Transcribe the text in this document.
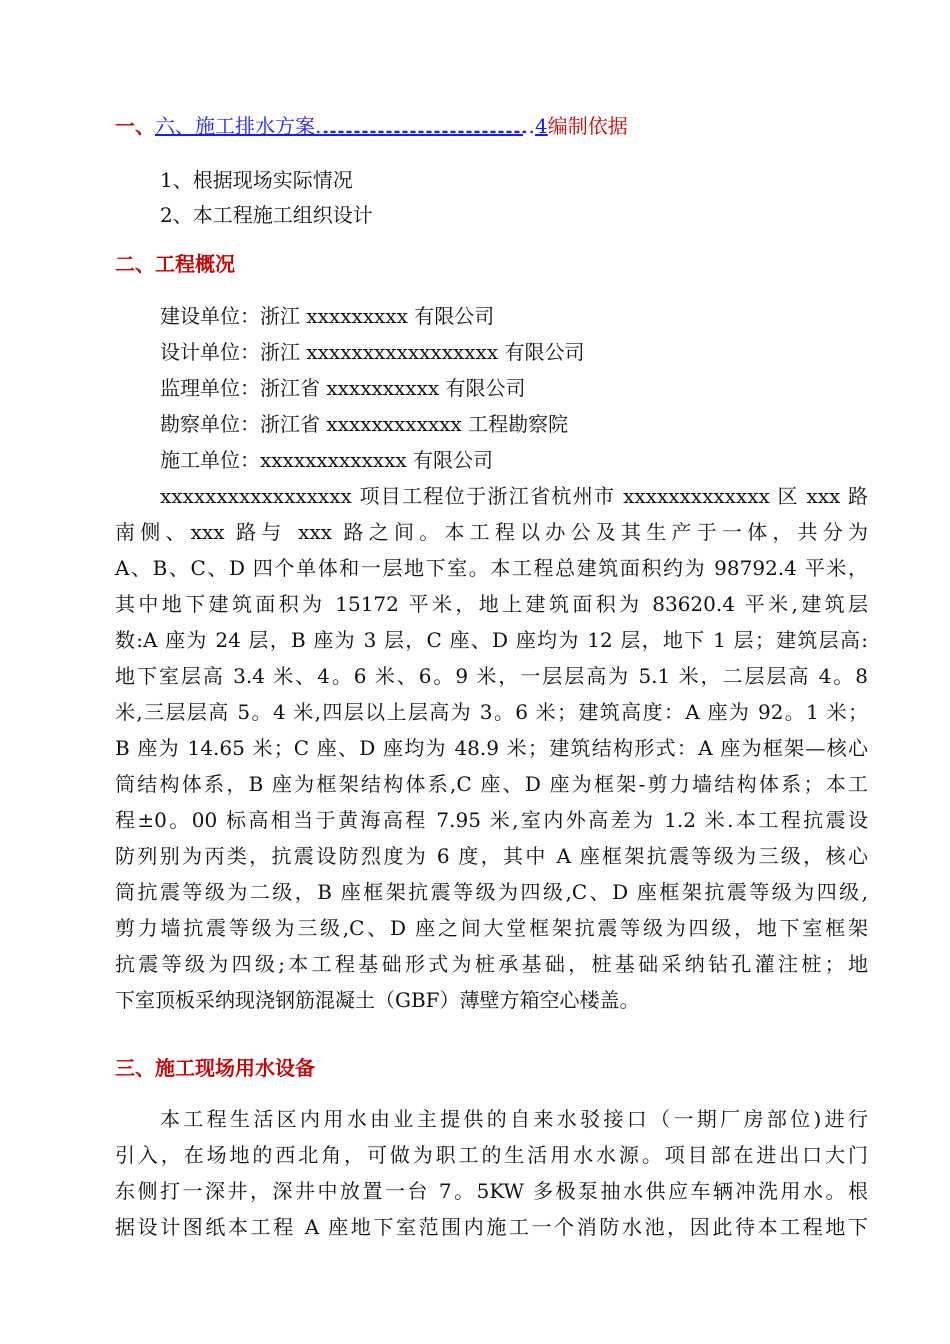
一、六、施工排水方案…………………………………………………………………… 4编制依据
1、根据现场实际情况
2、本工程施工组织设计
二、工程概况
建设单位：浙江 xxxxxxxxx 有限公司
设计单位：浙江 xxxxxxxxxxxxxxxxx 有限公司
监理单位：浙江省 xxxxxxxxxx 有限公司
勘察单位：浙江省 xxxxxxxxxxxx 工程勘察院
施工单位：xxxxxxxxxxxxx 有限公司
xxxxxxxxxxxxxxxxx 项目工程位于浙江省杭州市 xxxxxxxxxxxxx 区 xxx 路
南侧、xxx 路与 xxx 路之间。本工程以办公及其生产于一体，共分为
A、B、C、D 四个单体和一层地下室。本工程总建筑面积约为 98792.4 平米，
其中地下建筑面积为 15172 平米，地上建筑面积为 83620.4 平米,建筑层
数:A 座为 24 层，B 座为 3 层，C 座、D 座均为 12 层，地下 1 层；建筑层高:
地下室层高 3.4 米、4。6 米、6。9 米，一层层高为 5.1 米，二层层高 4。8
米,三层层高 5。4 米,四层以上层高为 3。6 米；建筑高度：A 座为 92。1 米；
B 座为 14.65 米；C 座、D 座均为 48.9 米；建筑结构形式：A 座为框架—核心
筒结构体系，B 座为框架结构体系,C 座、D 座为框架-剪力墙结构体系；本工
程±0。00 标高相当于黄海高程 7.95 米,室内外高差为 1.2 米.本工程抗震设
防列别为丙类，抗震设防烈度为 6 度，其中 A 座框架抗震等级为三级，核心
筒抗震等级为二级，B 座框架抗震等级为四级,C、D 座框架抗震等级为四级,
剪力墙抗震等级为三级,C、D 座之间大堂框架抗震等级为四级，地下室框架
抗震等级为四级;本工程基础形式为桩承基础，桩基础采纳钻孔灌注桩；地
下室顶板采纳现浇钢筋混凝土（GBF）薄壁方箱空心楼盖。
三、施工现场用水设备
本工程生活区内用水由业主提供的自来水驳接口（一期厂房部位)进行
引入，在场地的西北角，可做为职工的生活用水水源。项目部在进出口大门
东侧打一深井，深井中放置一台 7。5KW 多极泵抽水供应车辆冲洗用水。根
据设计图纸本工程 A 座地下室范围内施工一个消防水池，因此待本工程地下
